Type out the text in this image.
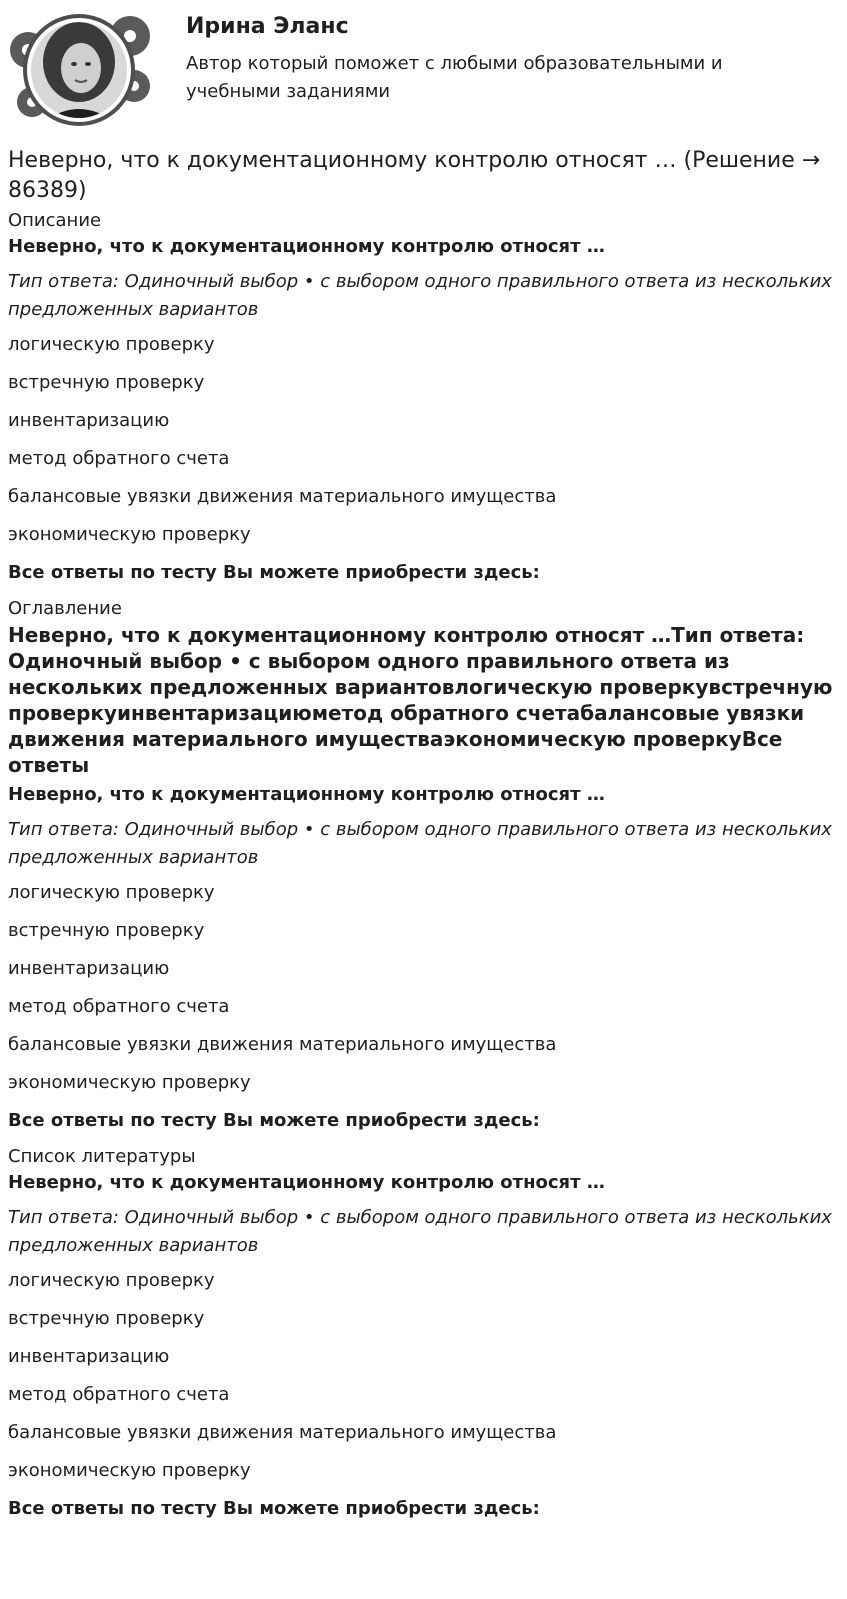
Ирина Эланс
Автор который поможет с любыми образовательными и учебными заданиями
Неверно, что к документационному контролю относят … (Решение → 86389)
Описание
Неверно, что к документационному контролю относят …
Тип ответа: Одиночный выбор • с выбором одного правильного ответа из нескольких предложенных вариантов
логическую проверку
встречную проверку
инвентаризацию
метод обратного счета
балансовые увязки движения материального имущества
экономическую проверку
Все ответы по тесту Вы можете приобрести здесь:
Оглавление
Неверно, что к документационному контролю относят …Тип ответа: Одиночный выбор • с выбором одного правильного ответа из нескольких предложенных вариантовлогическую проверкувстречную проверкуинвентаризациюметод обратного счетабалансовые увязки движения материального имуществаэкономическую проверкуВсе ответы
Неверно, что к документационному контролю относят …
Тип ответа: Одиночный выбор • с выбором одного правильного ответа из нескольких предложенных вариантов
логическую проверку
встречную проверку
инвентаризацию
метод обратного счета
балансовые увязки движения материального имущества
экономическую проверку
Все ответы по тесту Вы можете приобрести здесь:
Список литературы
Неверно, что к документационному контролю относят …
Тип ответа: Одиночный выбор • с выбором одного правильного ответа из нескольких предложенных вариантов
логическую проверку
встречную проверку
инвентаризацию
метод обратного счета
балансовые увязки движения материального имущества
экономическую проверку
Все ответы по тесту Вы можете приобрести здесь:
